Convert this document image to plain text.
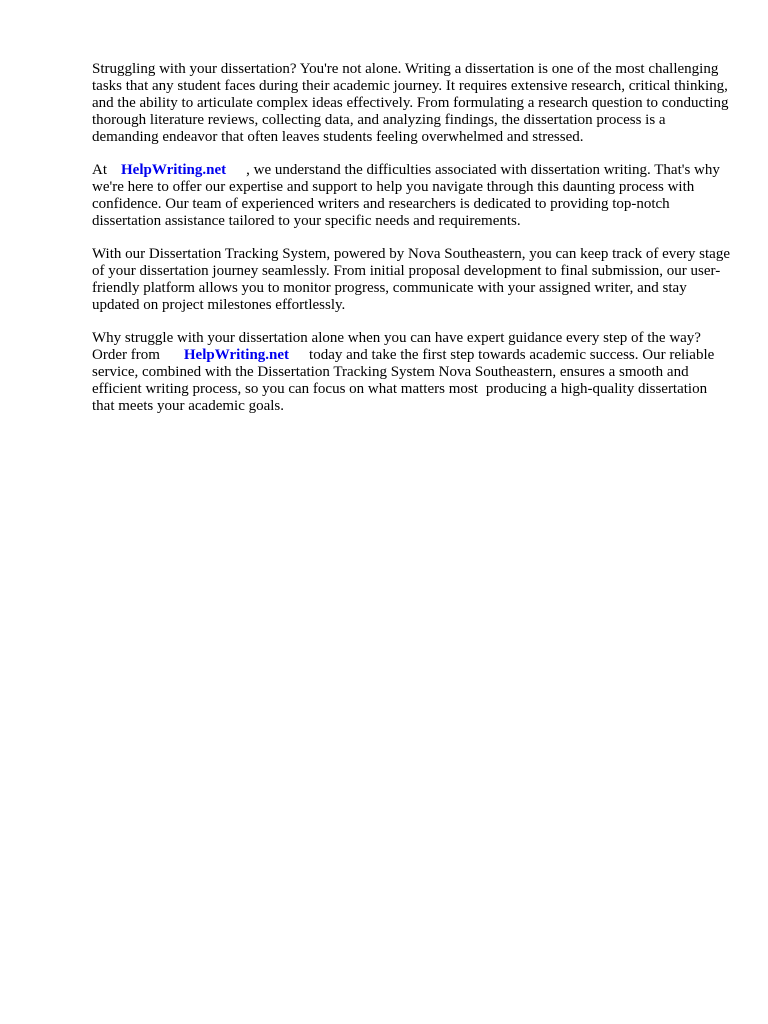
Struggling with your dissertation? You're not alone. Writing a dissertation is one of the most challenging tasks that any student faces during their academic journey. It requires extensive research, critical thinking, and the ability to articulate complex ideas effectively. From formulating a research question to conducting thorough literature reviews, collecting data, and analyzing findings, the dissertation process is a demanding endeavor that often leaves students feeling overwhelmed and stressed.

At HelpWriting.net , we understand the difficulties associated with dissertation writing. That's why we're here to offer our expertise and support to help you navigate through this daunting process with confidence. Our team of experienced writers and researchers is dedicated to providing top-notch dissertation assistance tailored to your specific needs and requirements.

With our Dissertation Tracking System, powered by Nova Southeastern, you can keep track of every stage of your dissertation journey seamlessly. From initial proposal development to final submission, our user-friendly platform allows you to monitor progress, communicate with your assigned writer, and stay updated on project milestones effortlessly.

Why struggle with your dissertation alone when you can have expert guidance every step of the way? Order from HelpWriting.net today and take the first step towards academic success. Our reliable service, combined with the Dissertation Tracking System Nova Southeastern, ensures a smooth and efficient writing process, so you can focus on what matters most producing a high-quality dissertation that meets your academic goals.
